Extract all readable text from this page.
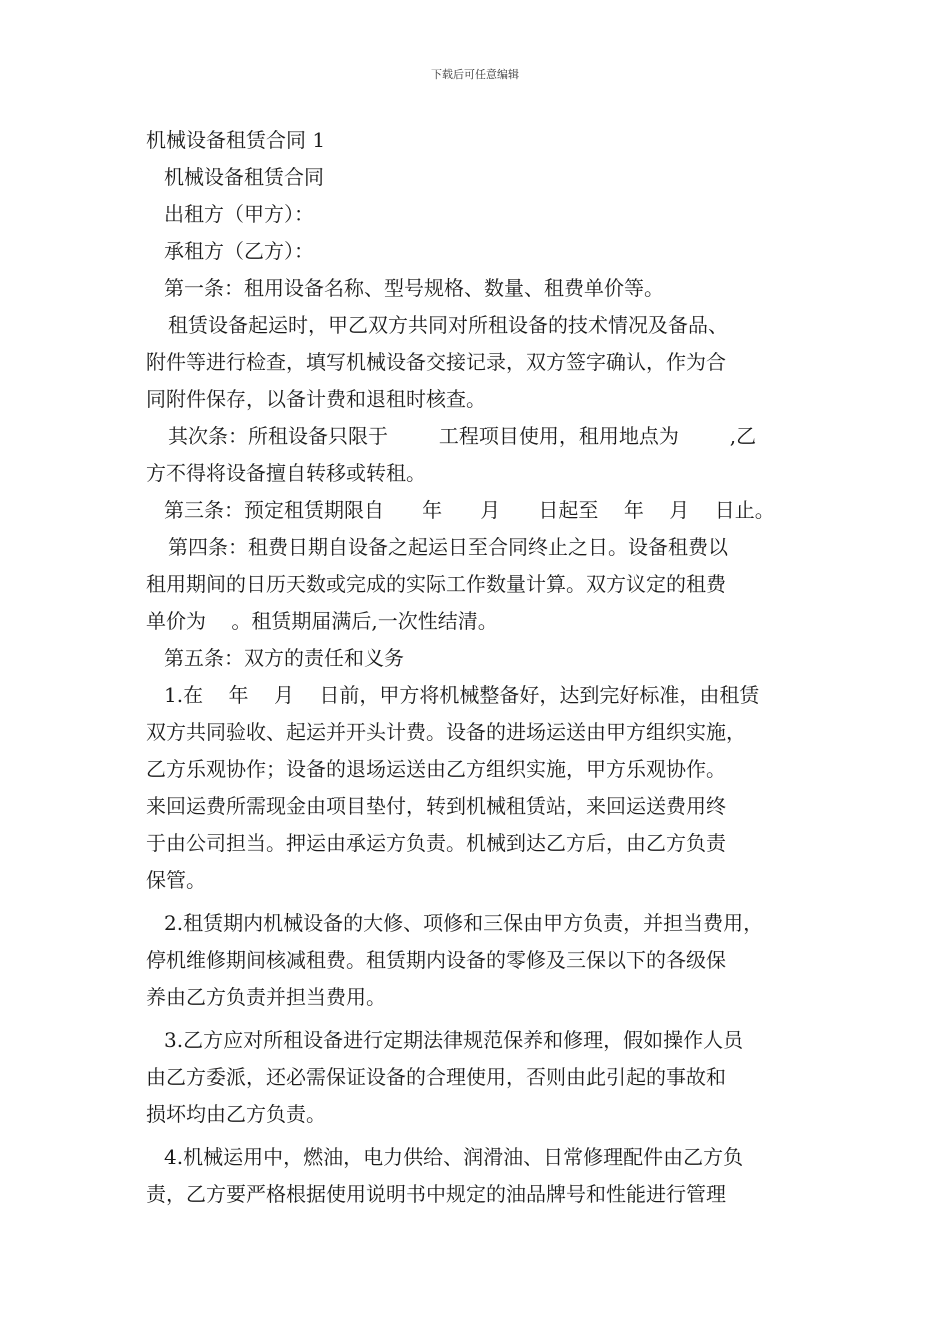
下载后可任意编辑
机械设备租赁合同 1
机械设备租赁合同
出租方（甲方）：
承租方（乙方）：
第一条：租用设备名称、型号规格、数量、租费单价等。
租赁设备起运时，甲乙双方共同对所租设备的技术情况及备品、
附件等进行检查，填写机械设备交接记录，双方签字确认，作为合
同附件保存，以备计费和退租时核查。
其次条：所租设备只限于        工程项目使用，租用地点为        ,乙
方不得将设备擅自转移或转租。
第三条：预定租赁期限自      年      月      日起至    年    月    日止。
第四条：租费日期自设备之起运日至合同终止之日。设备租费以
租用期间的日历天数或完成的实际工作数量计算。双方议定的租费
单价为    。租赁期届满后,一次性结清。
第五条：双方的责任和义务
1.在    年    月    日前，甲方将机械整备好，达到完好标准，由租赁
双方共同验收、起运并开头计费。设备的进场运送由甲方组织实施，
乙方乐观协作；设备的退场运送由乙方组织实施，甲方乐观协作。
来回运费所需现金由项目垫付，转到机械租赁站，来回运送费用终
于由公司担当。押运由承运方负责。机械到达乙方后，由乙方负责
保管。
2.租赁期内机械设备的大修、项修和三保由甲方负责，并担当费用，
停机维修期间核减租费。租赁期内设备的零修及三保以下的各级保
养由乙方负责并担当费用。
3.乙方应对所租设备进行定期法律规范保养和修理，假如操作人员
由乙方委派，还必需保证设备的合理使用，否则由此引起的事故和
损坏均由乙方负责。
4.机械运用中，燃油，电力供给、润滑油、日常修理配件由乙方负
责，乙方要严格根据使用说明书中规定的油品牌号和性能进行管理
